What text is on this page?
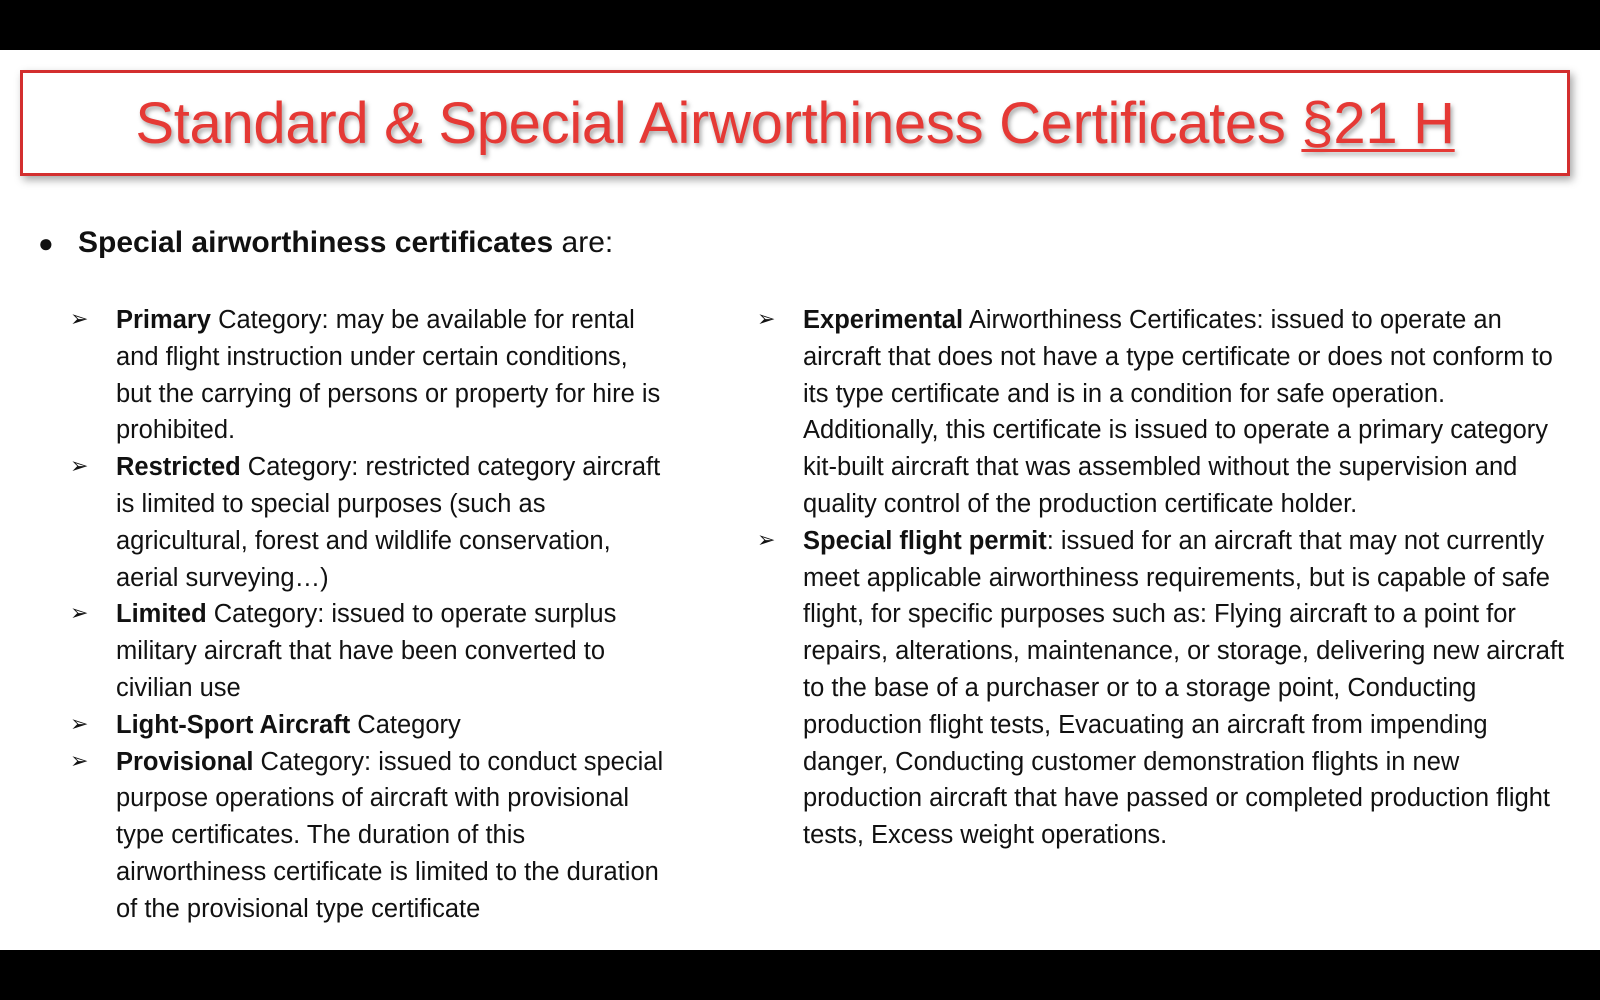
Standard & Special Airworthiness Certificates §21 H
● Special airworthiness certificates are:
➢	Primary Category: may be available for rental and flight instruction under certain conditions, but the carrying of persons or property for hire is prohibited.
➢	Restricted Category: restricted category aircraft is limited to special purposes (such as agricultural, forest and wildlife conservation, aerial surveying…)
➢	Limited Category: issued to operate surplus military aircraft that have been converted to civilian use
➢	Light-Sport Aircraft Category
➢	Provisional Category: issued to conduct special purpose operations of aircraft with provisional type certificates. The duration of this airworthiness certificate is limited to the duration of the provisional type certificate
➢	Experimental Airworthiness Certificates: issued to operate an aircraft that does not have a type certificate or does not conform to its type certificate and is in a condition for safe operation. Additionally, this certificate is issued to operate a primary category kit-built aircraft that was assembled without the supervision and quality control of the production certificate holder.
➢	Special flight permit: issued for an aircraft that may not currently meet applicable airworthiness requirements, but is capable of safe flight, for specific purposes such as: Flying aircraft to a point for repairs, alterations, maintenance, or storage, delivering new aircraft to the base of a purchaser or to a storage point, Conducting production flight tests, Evacuating an aircraft from impending danger, Conducting customer demonstration flights in new production aircraft that have passed or completed production flight tests, Excess weight operations.
